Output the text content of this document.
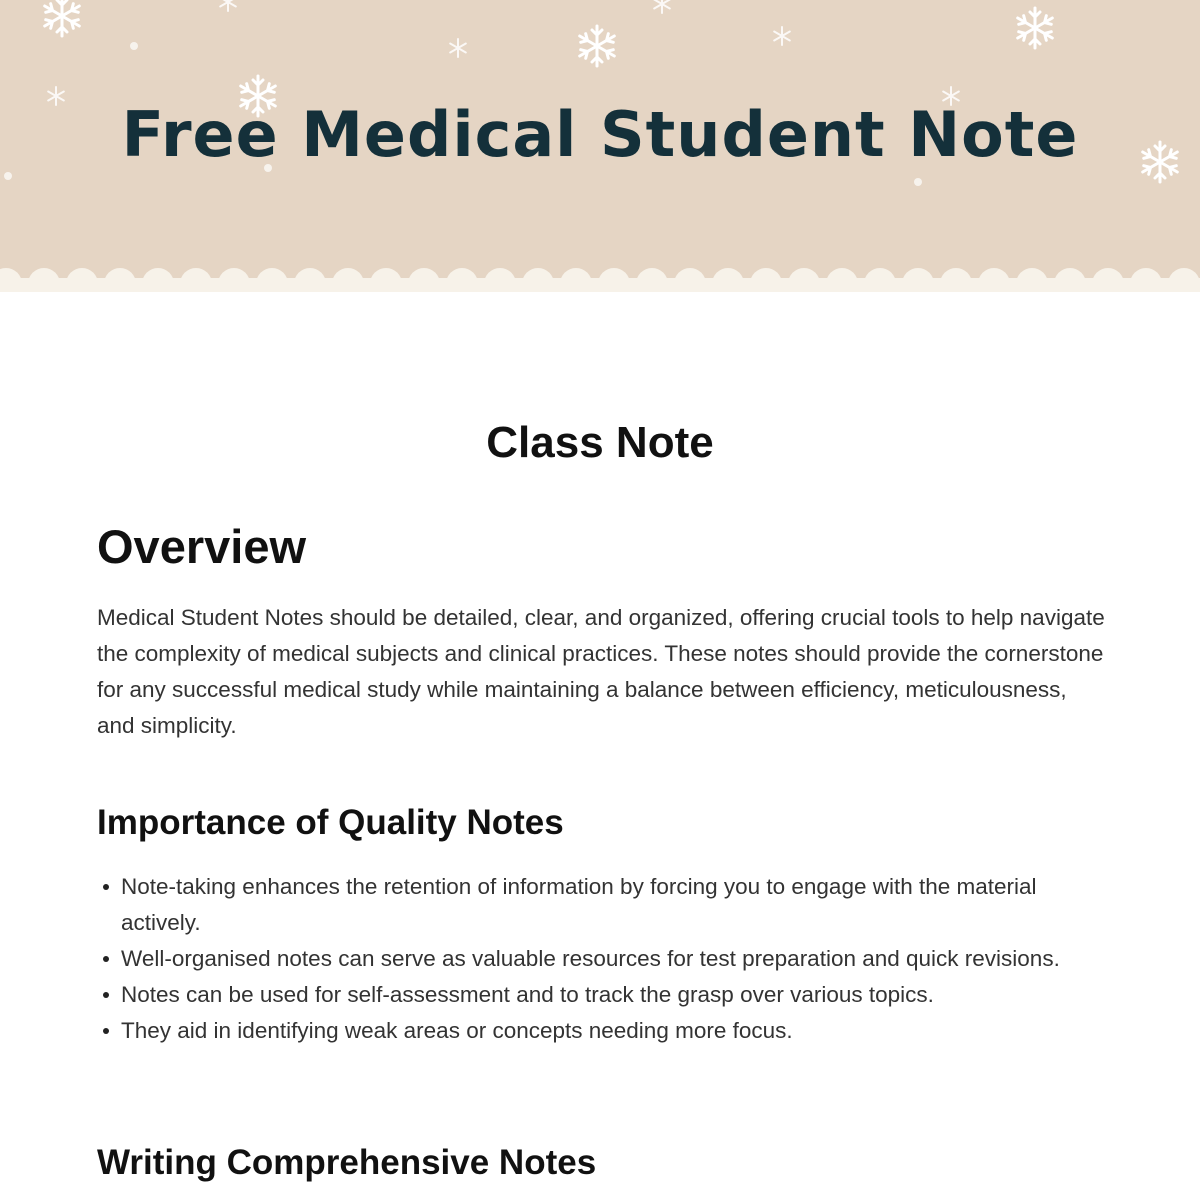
Free Medical Student Note
Class Note
Overview

Medical Student Notes should be detailed, clear, and organized, offering crucial tools to help navigate the complexity of medical subjects and clinical practices. These notes should provide the cornerstone for any successful medical study while maintaining a balance between efficiency, meticulousness, and simplicity.

Importance of Quality Notes
Note-taking enhances the retention of information by forcing you to engage with the material actively.
Well-organised notes can serve as valuable resources for test preparation and quick revisions.
Notes can be used for self-assessment and to track the grasp over various topics.
They aid in identifying weak areas or concepts needing more focus.
Writing Comprehensive Notes
